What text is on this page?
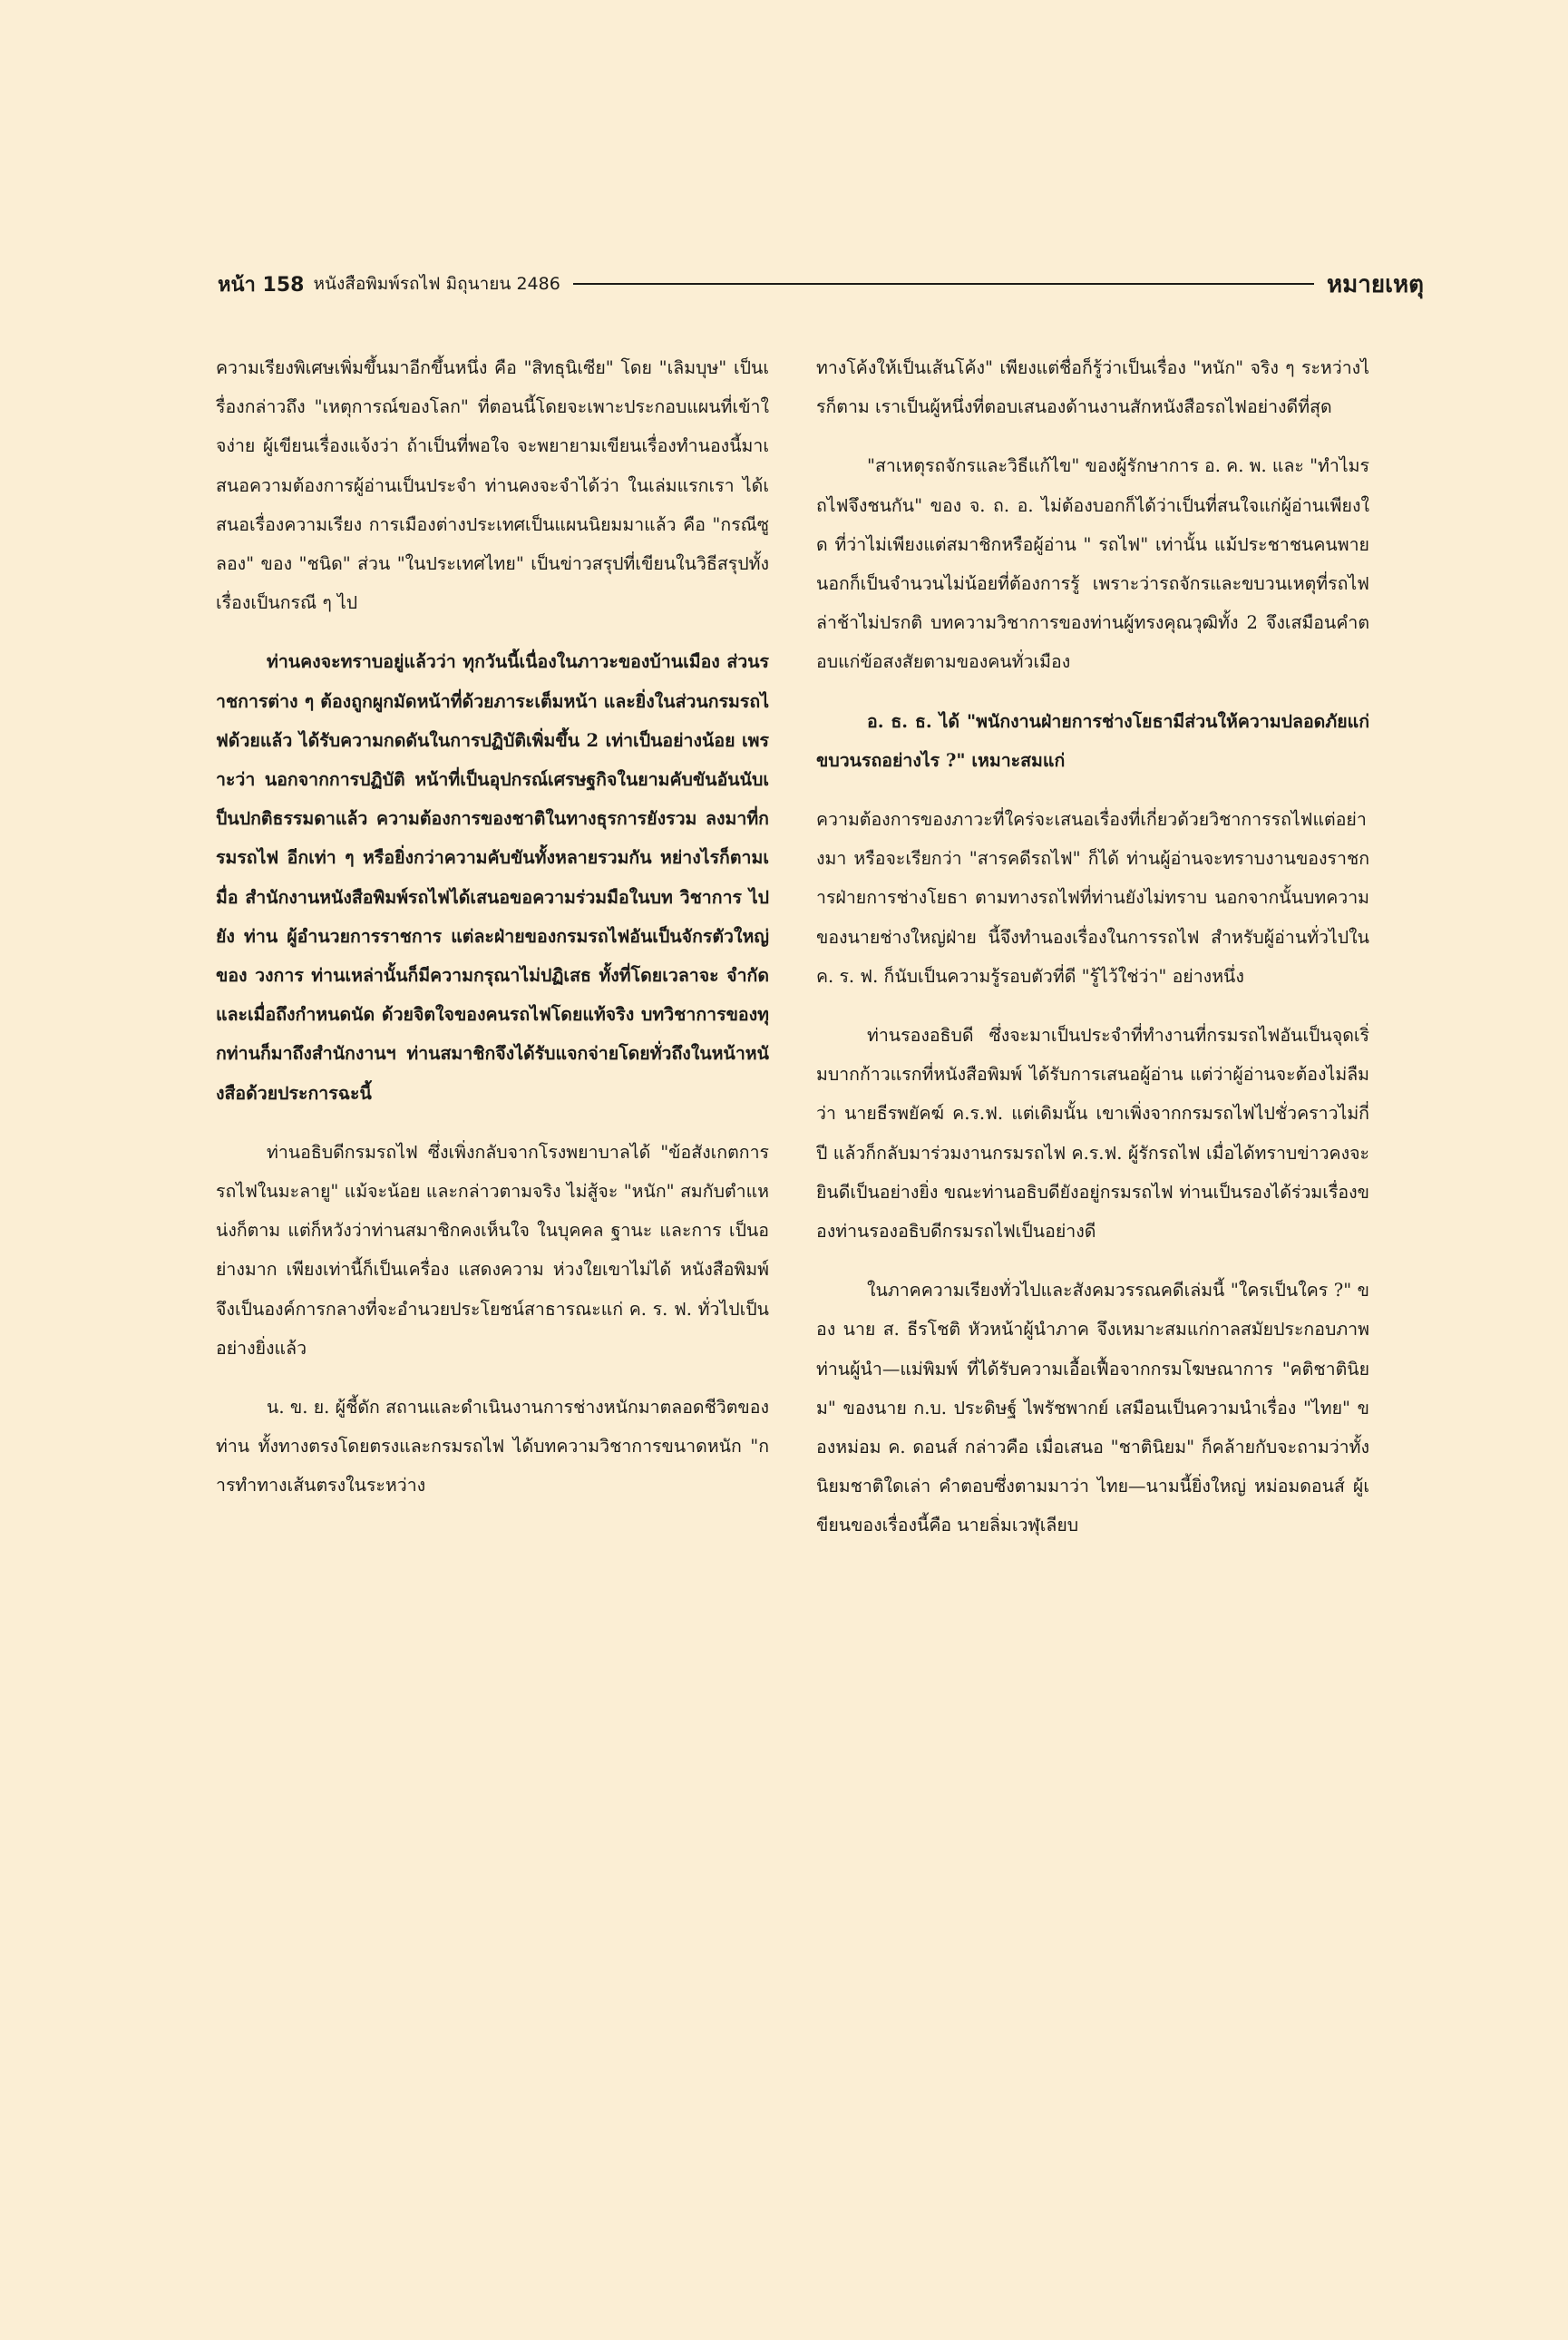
หน้า 158 หนังสือพิมพ์รถไฟ มิถุนายน 2486	หมายเหตุ

ความเรียงพิเศษเพิ่มขึ้นมาอีกขึ้นหนึ่ง คือ "สิทธุนิเซีย" โดย "เลิมบุษ" เป็นเรื่องกล่าวถึง "เหตุการณ์ของโลก" ที่ตอนนี้โดยจะเพาะประกอบแผนที่เข้าใจง่าย ผู้เขียนเรื่องแจ้งว่า ถ้าเป็นที่พอใจ จะพยายามเขียนเรื่องทำนองนี้มาเสนอความต้องการผู้อ่านเป็นประจำ ท่านคงจะจำได้ว่า ในเล่มแรกเรา ได้เสนอเรื่องความเรียง การเมืองต่างประเทศเป็นแผนนิยมมาแล้ว คือ "กรณีซูลอง" ของ "ชนิด" ส่วน "ในประเทศไทย" เป็นข่าวสรุปที่เขียนในวิธีสรุปทั้งเรื่องเป็นกรณี ๆ ไป

ท่านคงจะทราบอยู่แล้วว่า ทุกวันนี้เนื่องในภาวะของบ้านเมือง ส่วนราชการต่าง ๆ ต้องถูกผูกมัดหน้าที่ด้วยภาระเต็มหน้า และยิ่งในส่วนกรมรถไฟด้วยแล้ว ได้รับความกดดันในการปฏิบัติเพิ่มขึ้น 2 เท่าเป็นอย่างน้อย เพราะว่า นอกจากการปฏิบัติ หน้าที่เป็นอุปกรณ์เศรษฐกิจในยามคับขันอันนับเป็นปกติธรรมดาแล้ว ความต้องการของชาติในทางธุรการยังรวม ลงมาที่กรมรถไฟ อีกเท่า ๆ หรือยิ่งกว่าความคับขันทั้งหลายรวมกัน หย่างไรก็ตามเมื่อ สำนักงานหนังสือพิมพ์รถไฟได้เสนอขอความร่วมมือในบท วิชาการ ไปยัง ท่าน ผู้อำนวยการราชการ แต่ละฝ่ายของกรมรถไฟอันเป็นจักรตัวใหญ่ของ วงการ ท่านเหล่านั้นก็มีความกรุณาไม่ปฏิเสธ ทั้งที่โดยเวลาจะ จำกัด และเมื่อถึงกำหนดนัด ด้วยจิตใจของคนรถไฟโดยแท้จริง บทวิชาการของทุกท่านก็มาถึงสำนักงานฯ ท่านสมาชิกจึงได้รับแจกจ่ายโดยทั่วถึงในหน้าหนังสือด้วยประการฉะนี้

ท่านอธิบดีกรมรถไฟ ซึ่งเพิ่งกลับจากโรงพยาบาลได้ "ข้อสังเกตการรถไฟในมะลายู" แม้จะน้อย และกล่าวตามจริง ไม่สู้จะ "หนัก" สมกับตำแหน่งก็ตาม แต่ก็หวังว่าท่านสมาชิกคงเห็นใจ ในบุคคล ฐานะ และการ เป็นอย่างมาก เพียงเท่านี้ก็เป็นเครื่อง แสดงความ ห่วงใยเขาไม่ได้ หนังสือพิมพ์ จึงเป็นองค์การกลางที่จะอำนวยประโยชน์สาธารณะแก่ ค. ร. ฟ. ทั่วไปเป็นอย่างยิ่งแล้ว

น. ข. ย. ผู้ชี้ดัก สถานและดำเนินงานการช่างหนักมาตลอดชีวิตของท่าน ทั้งทางตรงโดยตรงและกรมรถไฟ ได้บทความวิชาการขนาดหนัก "การทำทางเส้นตรงในระหว่าง

ทางโค้งให้เป็นเส้นโค้ง" เพียงแต่ชื่อก็รู้ว่าเป็นเรื่อง "หนัก" จริง ๆ ระหว่างไรก็ตาม เราเป็นผู้หนึ่งที่ตอบเสนองด้านงานสักหนังสือรถไฟอย่างดีที่สุด

"สาเหตุรถจักรและวิธีแก้ไข" ของผู้รักษาการ อ. ค. พ. และ "ทำไมรถไฟจึงชนกัน" ของ จ. ถ. อ. ไม่ต้องบอกก็ได้ว่าเป็นที่สนใจแก่ผู้อ่านเพียงใด ที่ว่าไม่เพียงแต่สมาชิกหรือผู้อ่าน " รถไฟ" เท่านั้น แม้ประชาชนคนพาย นอกก็เป็นจำนวนไม่น้อยที่ต้องการรู้ เพราะว่ารถจักรและขบวนเหตุที่รถไฟล่าช้าไม่ปรกติ บทความวิชาการของท่านผู้ทรงคุณวุฒิทั้ง 2 จึงเสมือนคำตอบแก่ข้อสงสัยตามของคนทั่วเมือง

อ. ธ. ธ. ได้ "พนักงานฝ่ายการช่างโยธามีส่วนให้ความปลอดภัยแก่ขบวนรถอย่างไร ?" เหมาะสมแก่

ความต้องการของภาวะที่ใคร่จะเสนอเรื่องที่เกี่ยวด้วยวิชาการรถไฟแต่อย่างมา หรือจะเรียกว่า "สารคดีรถไฟ" ก็ได้ ท่านผู้อ่านจะทราบงานของราชการฝ่ายการช่างโยธา ตามทางรถไฟที่ท่านยังไม่ทราบ นอกจากนั้นบทความของนายช่างใหญ่ฝ่าย นี้จึงทำนองเรื่องในการรถไฟ สำหรับผู้อ่านทั่วไปใน ค. ร. ฟ. ก็นับเป็นความรู้รอบตัวที่ดี "รู้ไว้ใช่ว่า" อย่างหนึ่ง

ท่านรองอธิบดี ซึ่งจะมาเป็นประจำที่ทำงานที่กรมรถไฟอันเป็นจุดเริ่มบากก้าวแรกที่หนังสือพิมพ์ ได้รับการเสนอผู้อ่าน แต่ว่าผู้อ่านจะต้องไม่ลืมว่า นายธีรพยัคฆ์ ค.ร.ฟ. แต่เดิมนั้น เขาเพิ่งจากกรมรถไฟไปชั่วคราวไม่กี่ปี แล้วก็กลับมาร่วมงานกรมรถไฟ ค.ร.ฟ. ผู้รักรถไฟ เมื่อได้ทราบข่าวคงจะยินดีเป็นอย่างยิ่ง ขณะท่านอธิบดียังอยู่กรมรถไฟ ท่านเป็นรองได้ร่วมเรื่องของท่านรองอธิบดีกรมรถไฟเป็นอย่างดี

ในภาคความเรียงทั่วไปและสังคมวรรณคดีเล่มนี้ "ใครเป็นใคร ?" ของ นาย ส. ธีรโชติ หัวหน้าผู้นำภาค จึงเหมาะสมแก่กาลสมัยประกอบภาพ ท่านผู้นำ—แม่พิมพ์ ที่ได้รับความเอื้อเฟื้อจากกรมโฆษณาการ "คติชาตินิยม" ของนาย ก.บ. ประดิษฐ์ ไพรัชพากย์ เสมือนเป็นความนำเรื่อง "ไทย" ของหม่อม ค. ดอนส์ กล่าวคือ เมื่อเสนอ "ชาตินิยม" ก็คล้ายกับจะถามว่าทั้งนิยมชาติใดเล่า คำตอบซึ่งตามมาว่า ไทย—นามนี้ยิ่งใหญ่ หม่อมดอนส์ ผู้เขียนของเรื่องนี้คือ นายลิ่มเวฬุเลียบ
